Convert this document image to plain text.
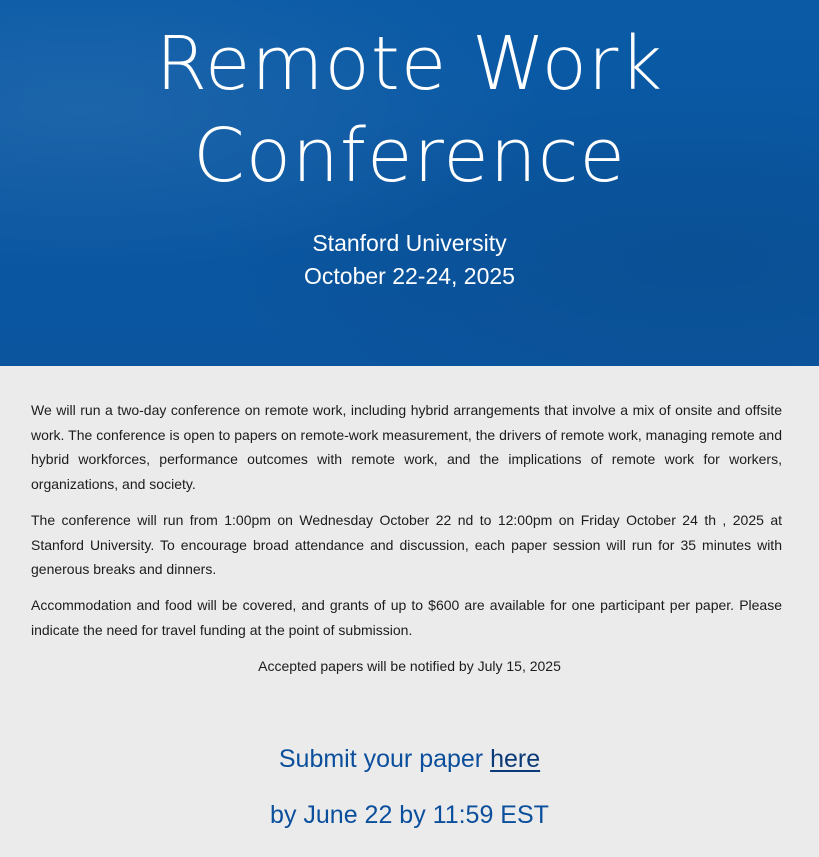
Remote Work
Conference
Stanford University
October 22-24, 2025

We will run a two-day conference on remote work, including hybrid arrangements that involve a mix of onsite and offsite work. The conference is open to papers on remote-work measurement, the drivers of remote work, managing remote and hybrid workforces, performance outcomes with remote work, and the implications of remote work for workers, organizations, and society.

The conference will run from 1:00pm on Wednesday October 22 nd to 12:00pm on Friday October 24 th , 2025 at Stanford University. To encourage broad attendance and discussion, each paper session will run for 35 minutes with generous breaks and dinners.

Accommodation and food will be covered, and grants of up to $600 are available for one participant per paper. Please indicate the need for travel funding at the point of submission.

Accepted papers will be notified by July 15, 2025
Submit your paper here
by June 22 by 11:59 EST
